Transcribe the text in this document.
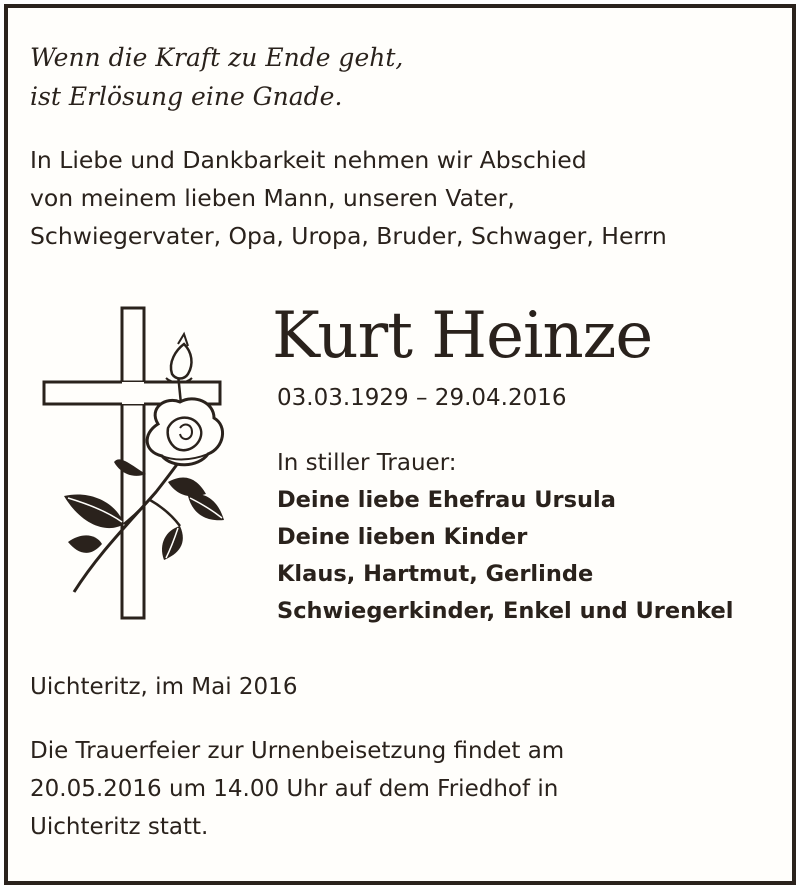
Wenn die Kraft zu Ende geht,
ist Erlösung eine Gnade.

In Liebe und Dankbarkeit nehmen wir Abschied
von meinem lieben Mann, unseren Vater,
Schwiegervater, Opa, Uropa, Bruder, Schwager, Herrn

Kurt Heinze
03.03.1929 – 29.04.2016
In stiller Trauer:
Deine liebe Ehefrau Ursula
Deine lieben Kinder
Klaus, Hartmut, Gerlinde
Schwiegerkinder, Enkel und Urenkel
Uichteritz, im Mai 2016

Die Trauerfeier zur Urnenbeisetzung findet am
20.05.2016 um 14.00 Uhr auf dem Friedhof in
Uichteritz statt.
